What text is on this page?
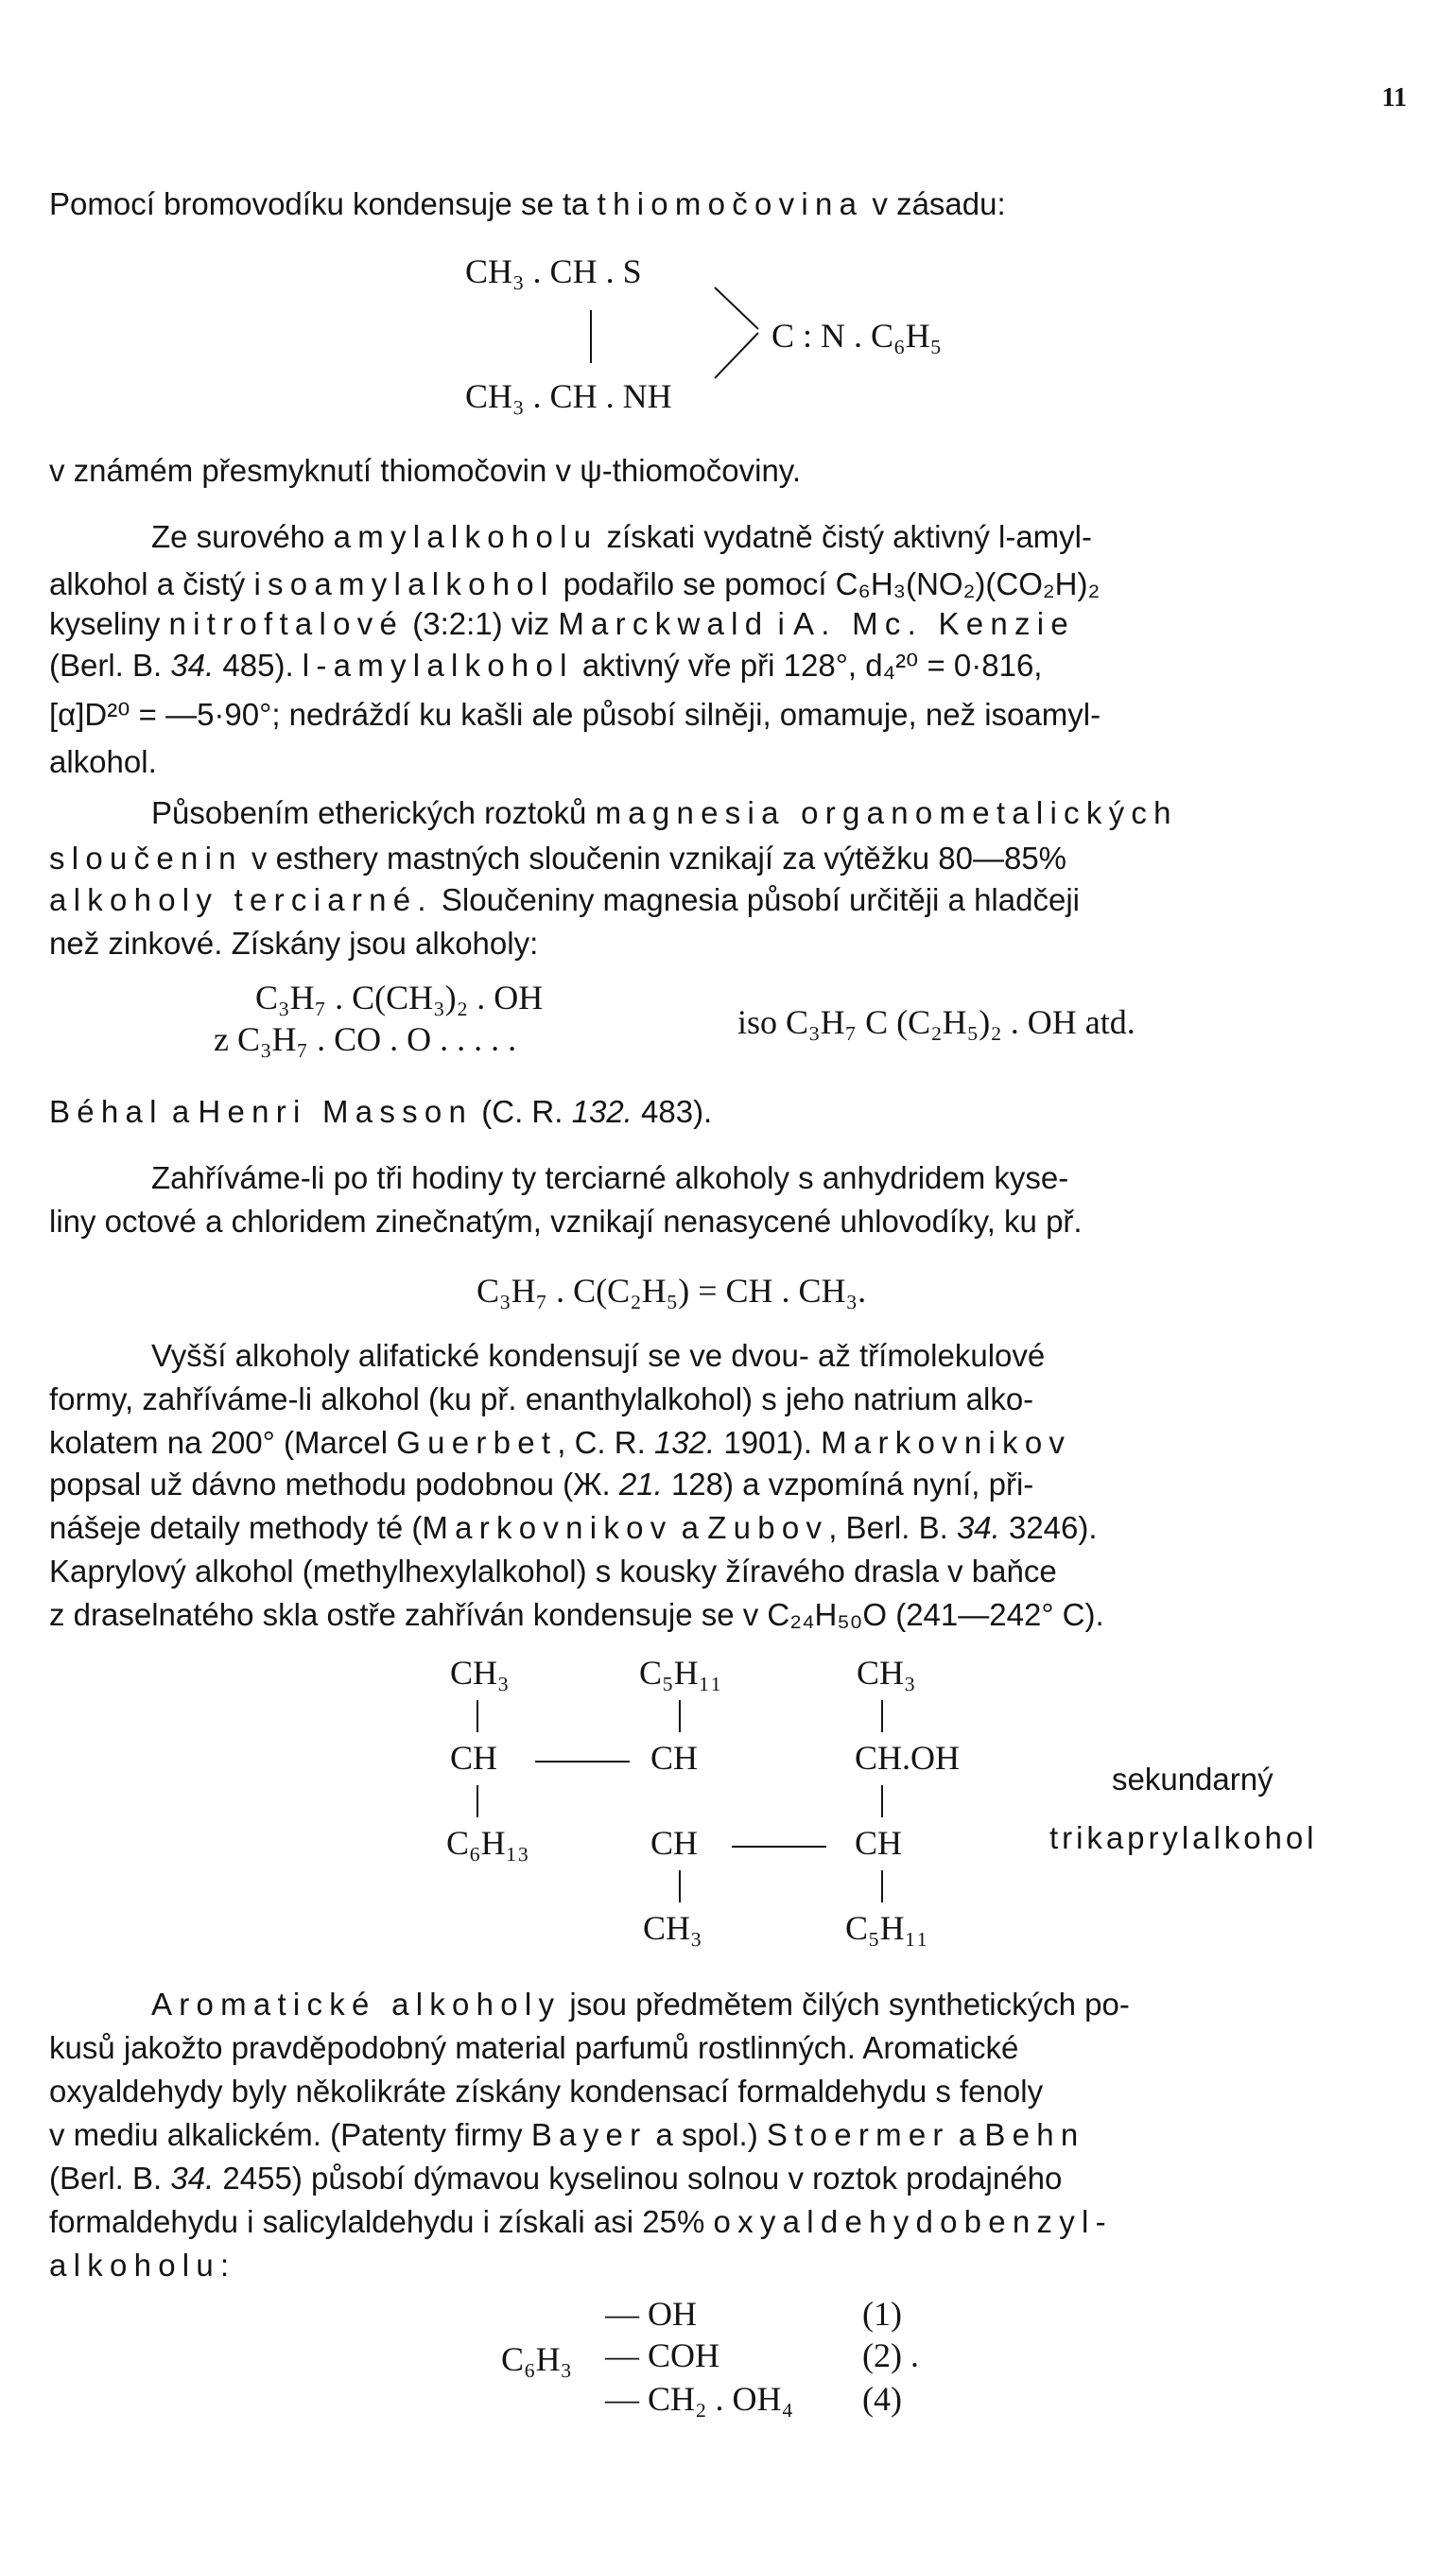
11
Pomocí bromovodíku kondensuje se ta thiomočovina v zásadu:
CH₃ . CH . S
C : N . C₆H₅
CH₃ . CH . NH
v známém přesmyknutí thiomočovin v ψ-thiomočoviny.
Ze surového amylalkoholu získati vydatně čistý aktivný l-amyl-
alkohol a čistý isoamylalkohol podařilo se pomocí C₆H₃(NO₂)(CO₂H)₂
kyseliny nitroftalové (3:2:1) viz Marckwald i A. Mc. Kenzie
(Berl. B. 34. 485). l-amylalkohol aktivný vře při 128°, d₄²⁰ = 0·816,
[α]D²⁰ = —5·90°; nedráždí ku kašli ale působí silněji, omamuje, než isoamyl-
alkohol.
Působením etherických roztoků magnesia organometalických
sloučenin v esthery mastných sloučenin vznikají za výtěžku 80—85%
alkoholy terciarné. Sloučeniny magnesia působí určitěji a hladčeji
než zinkové. Získány jsou alkoholy:
C₃H₇ . C(CH₃)₂ . OH
z C₃H₇ . CO . O . . . . .	iso C₃H₇ C (C₂H₅)₂ . OH atd.
Béhal a Henri Masson (C. R. 132. 483).
Zahříváme-li po tři hodiny ty terciarné alkoholy s anhydridem kyse-
liny octové a chloridem zinečnatým, vznikají nenasycené uhlovodíky, ku př.
C₃H₇ . C(C₂H₅) = CH . CH₃.
Vyšší alkoholy alifatické kondensují se ve dvou- až třímolekulové
formy, zahříváme-li alkohol (ku př. enanthylalkohol) s jeho natrium alko-
kolatem na 200° (Marcel Guerbet, C. R. 132. 1901). Markovnikov
popsal už dávno methodu podobnou (Ж. 21. 128) a vzpomíná nyní, při-
nášeje detaily methody té (Markovnikov a Zubov, Berl. B. 34. 3246).
Kaprylový alkohol (methylhexylalkohol) s kousky žíravého drasla v baňce
z draselnatého skla ostře zahříván kondensuje se v C₂₄H₅₀O (241—242° C).
CH₃
CH
C₆H₁₃
C₅H₁₁
CH
CH
CH₃
CH₃
CH.OH
CH
C₅H₁₁
sekundarný
trikaprylalkohol
Aromatické alkoholy jsou předmětem čilých synthetických po-
kusů jakožto pravděpodobný material parfumů rostlinných. Aromatické
oxyaldehydy byly několikráte získány kondensací formaldehydu s fenoly
v mediu alkalickém. (Patenty firmy Bayer a spol.) Stoermer a Behn
(Berl. B. 34. 2455) působí dýmavou kyselinou solnou v roztok prodajného
formaldehydu i salicylaldehydu i získali asi 25% oxyaldehydobenzyl-
alkoholu:
C₆H₃
— OH
— COH
— CH₂ . OH₄
(1)
(2) .
(4)
